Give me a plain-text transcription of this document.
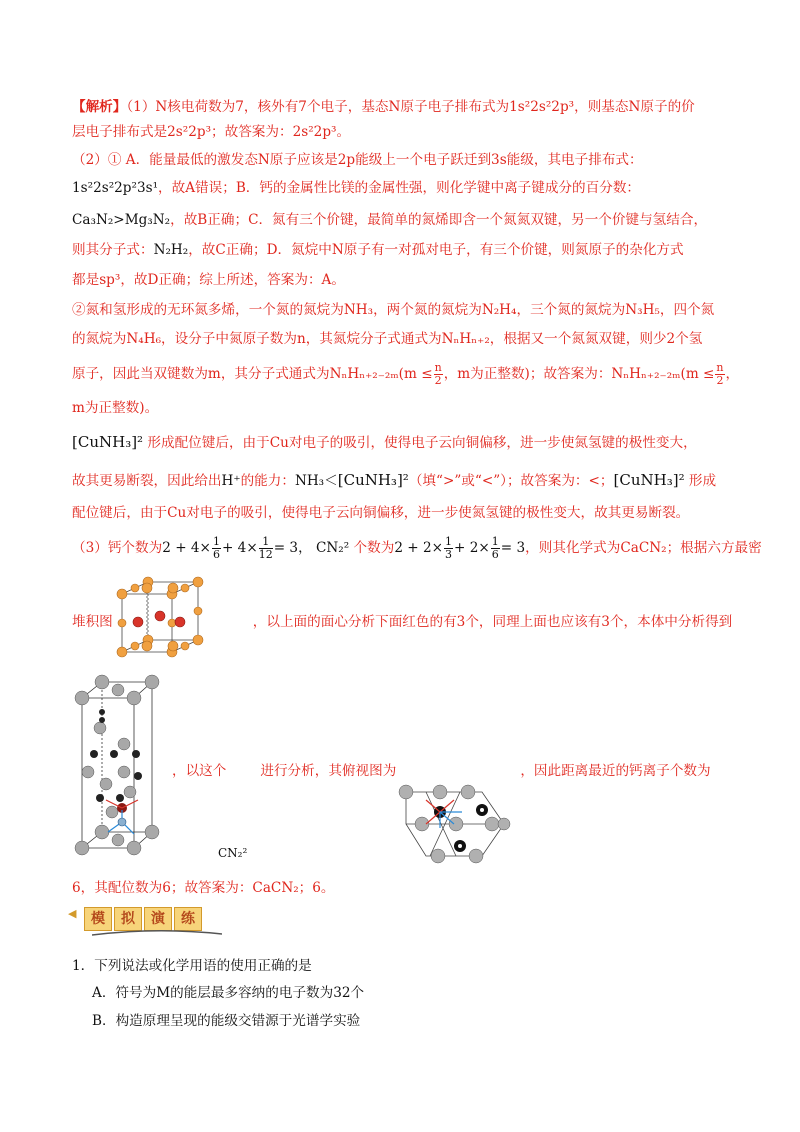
【解析】（1）N核电荷数为7，核外有7个电子，基态N原子电子排布式为1s²2s²2p³，则基态N原子的价
层电子排布式是2s²2p³；故答案为：2s²2p³。
（2）① A．能量最低的激发态N原子应该是2p能级上一个电子跃迁到3s能级，其电子排布式：
1s²2s²2p²3s¹，故A错误；B．钙的金属性比镁的金属性强，则化学键中离子键成分的百分数：
Ca₃N₂>Mg₃N₂，故B正确；C．氮有三个价键，最简单的氮烯即含一个氮氮双键，另一个价键与氢结合，
则其分子式：N₂H₂，故C正确；D．氮烷中N原子有一对孤对电子，有三个价键，则氮原子的杂化方式
都是sp³，故D正确；综上所述，答案为：A。
②氮和氢形成的无环氮多烯，一个氮的氮烷为NH₃，两个氮的氮烷为N₂H₄，三个氮的氮烷为N₃H₅，四个氮
的氮烷为N₄H₆，设分子中氮原子数为n，其氮烷分子式通式为NₙHₙ₊₂，根据又一个氮氮双键，则少2个氢
原子，因此当双键数为m，其分子式通式为$N_nH_{n+2-2m}(m \le \frac{n}{2}$ ，m为正整数)；故答案为：$N_nH_{n+2-2m}(m \le \frac{n}{2}$ ，
m为正整数)。
[CuNH₃]² 形成配位键后，由于Cu对电子的吸引，使得电子云向铜偏移，进一步使氮氢键的极性变大，
故其更易断裂，因此给出H⁺的能力：NH₃＜[CuNH₃]²（填“>”或“<”）；故答案为：<；[CuNH₃]² 形成
配位键后，由于Cu对电子的吸引，使得电子云向铜偏移，进一步使氮氢键的极性变大，故其更易断裂。
（3）钙个数为$2 + 4\times \frac{1}{6} + 4\times \frac{1}{12} = 3$， CN₂² 个数为$2 + 2\times \frac{1}{3} + 2\times \frac{1}{6} = 3$，则其化学式为CaCN₂；根据六方最密
堆积图	，以上面的面心分析下面红色的有3个，同理上面也应该有3个，本体中分析得到
CN₂²
，以这个	进行分析，其俯视图为	，因此距离最近的钙离子个数为
6，其配位数为6；故答案为：CaCN₂；6。
◀	模 拟 演 练
1．下列说法或化学用语的使用正确的是
A．符号为M的能层最多容纳的电子数为32个
B．构造原理呈现的能级交错源于光谱学实验
